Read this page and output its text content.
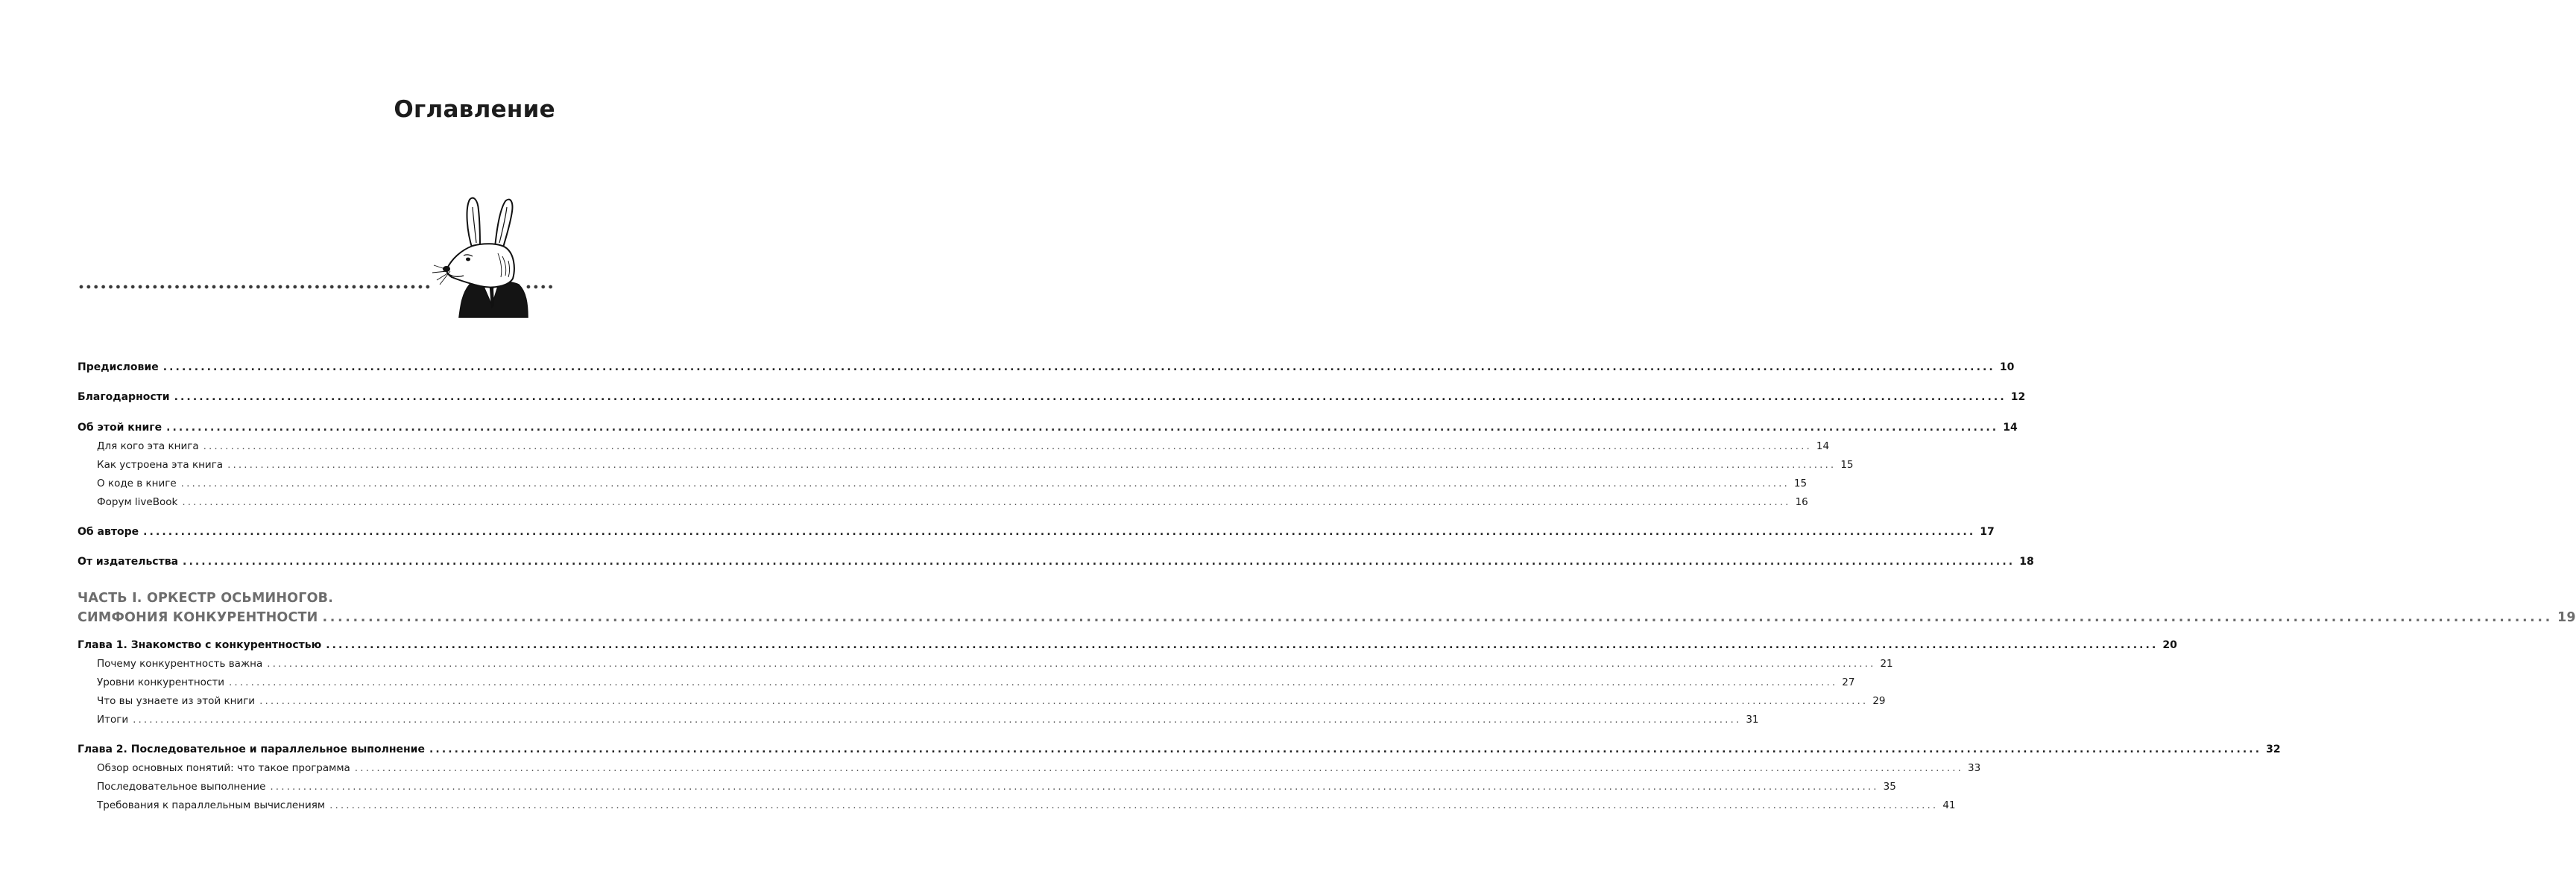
Оглавление
Предисловие .................................................................................................................................................................................................................................................................................................... 10
Благодарности .................................................................................................................................................................................................................................................................................................... 12
Об этой книге .................................................................................................................................................................................................................................................................................................... 14
Для кого эта книга .................................................................................................................................................................................................................................................................................................... 14
Как устроена эта книга .................................................................................................................................................................................................................................................................................................... 15
О коде в книге .................................................................................................................................................................................................................................................................................................... 15
Форум liveBook .................................................................................................................................................................................................................................................................................................... 16
Об авторе .................................................................................................................................................................................................................................................................................................... 17
От издательства .................................................................................................................................................................................................................................................................................................... 18
ЧАСТЬ I. ОРКЕСТР ОСЬМИНОГОВ.
СИМФОНИЯ КОНКУРЕНТНОСТИ .................................................................................................................................................................................................................................................................................................... 19
Глава 1. Знакомство с конкурентностью .................................................................................................................................................................................................................................................................................................... 20
Почему конкурентность важна .................................................................................................................................................................................................................................................................................................... 21
Уровни конкурентности .................................................................................................................................................................................................................................................................................................... 27
Что вы узнаете из этой книги .................................................................................................................................................................................................................................................................................................... 29
Итоги .................................................................................................................................................................................................................................................................................................... 31
Глава 2. Последовательное и параллельное выполнение .................................................................................................................................................................................................................................................................................................... 32
Обзор основных понятий: что такое программа .................................................................................................................................................................................................................................................................................................... 33
Последовательное выполнение .................................................................................................................................................................................................................................................................................................... 35
Требования к параллельным вычислениям .................................................................................................................................................................................................................................................................................................... 41
